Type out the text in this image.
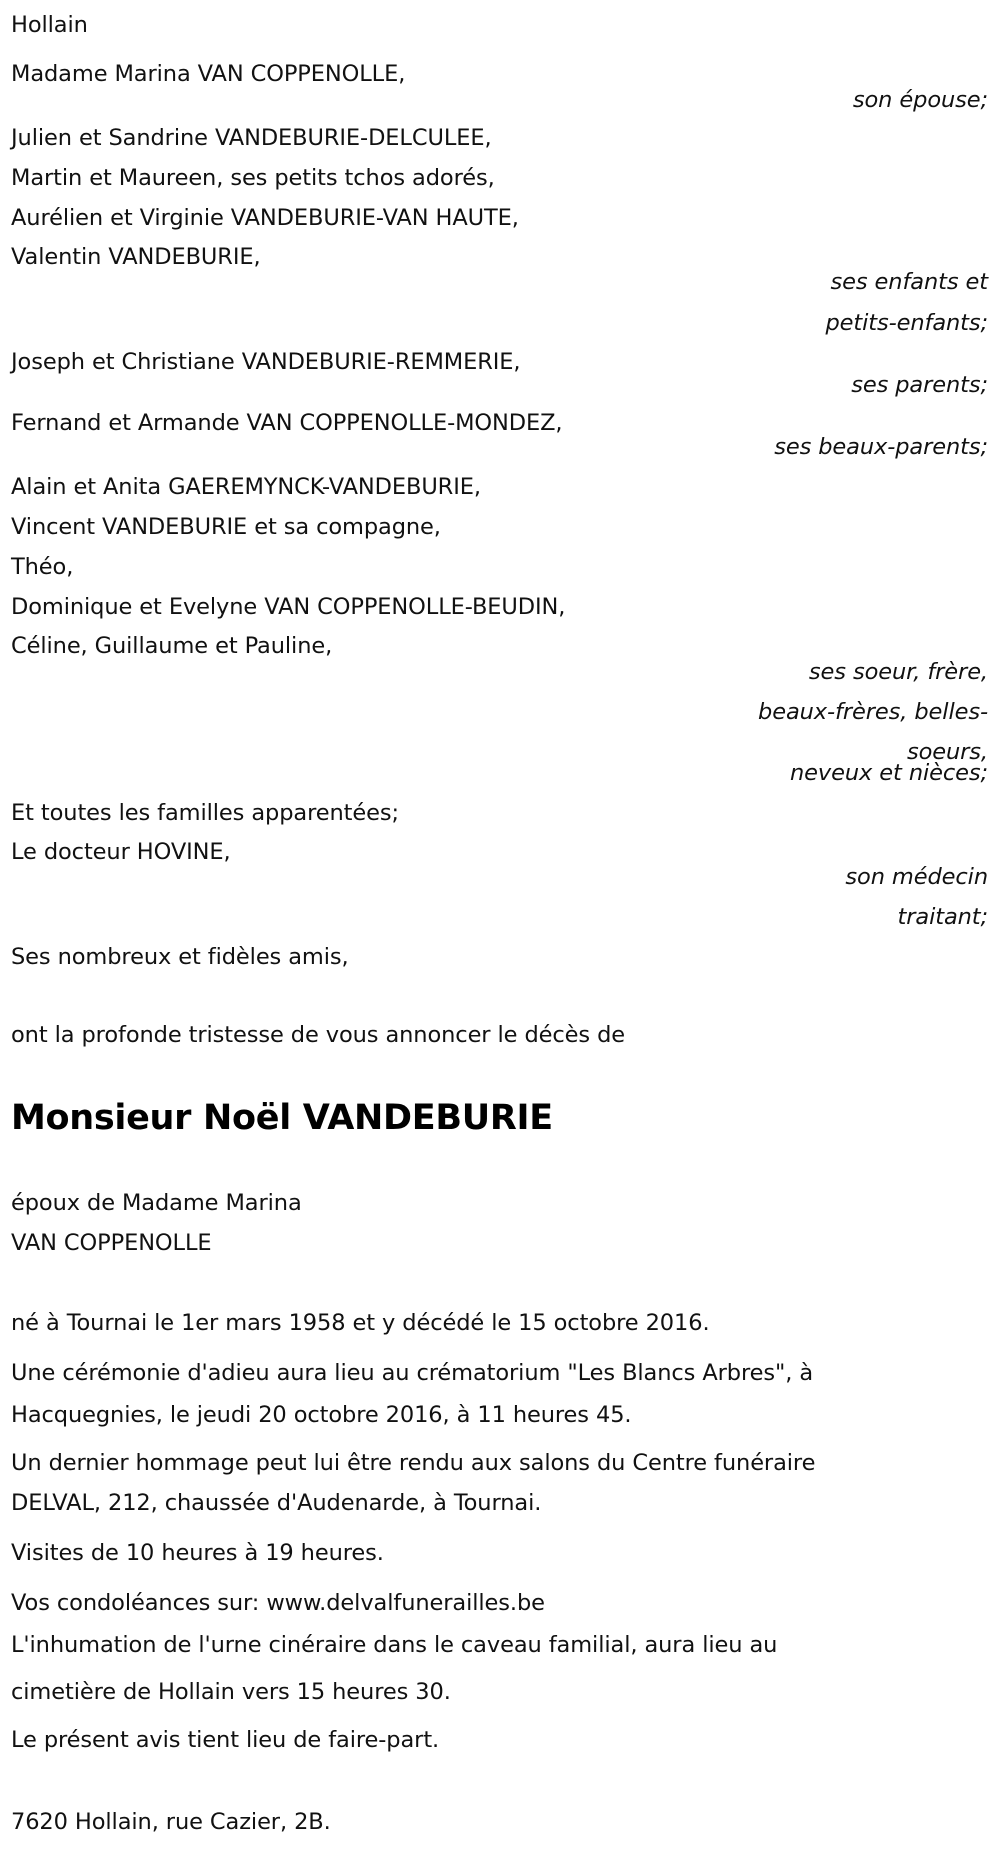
Hollain
Madame Marina VAN COPPENOLLE,
son épouse;
Julien et Sandrine VANDEBURIE-DELCULEE,
Martin et Maureen, ses petits tchos adorés,
Aurélien et Virginie VANDEBURIE-VAN HAUTE,
Valentin VANDEBURIE,
ses enfants et
petits-enfants;
Joseph et Christiane VANDEBURIE-REMMERIE,
ses parents;
Fernand et Armande VAN COPPENOLLE-MONDEZ,
ses beaux-parents;
Alain et Anita GAEREMYNCK-VANDEBURIE,
Vincent VANDEBURIE et sa compagne,
Théo,
Dominique et Evelyne VAN COPPENOLLE-BEUDIN,
Céline, Guillaume et Pauline,
ses soeur, frère,
beaux-frères, belles-
soeurs,
neveux et nièces;
Et toutes les familles apparentées;
Le docteur HOVINE,
son médecin
traitant;
Ses nombreux et fidèles amis,
ont la profonde tristesse de vous annoncer le décès de
Monsieur Noël VANDEBURIE
époux de Madame Marina
VAN COPPENOLLE
né à Tournai le 1er mars 1958 et y décédé le 15 octobre 2016.
Une cérémonie d'adieu aura lieu au crématorium "Les Blancs Arbres", à
Hacquegnies, le jeudi 20 octobre 2016, à 11 heures 45.
Un dernier hommage peut lui être rendu aux salons du Centre funéraire
DELVAL, 212, chaussée d'Audenarde, à Tournai.
Visites de 10 heures à 19 heures.
Vos condoléances sur: www.delvalfunerailles.be
L'inhumation de l'urne cinéraire dans le caveau familial, aura lieu au
cimetière de Hollain vers 15 heures 30.
Le présent avis tient lieu de faire-part.
7620 Hollain, rue Cazier, 2B.
